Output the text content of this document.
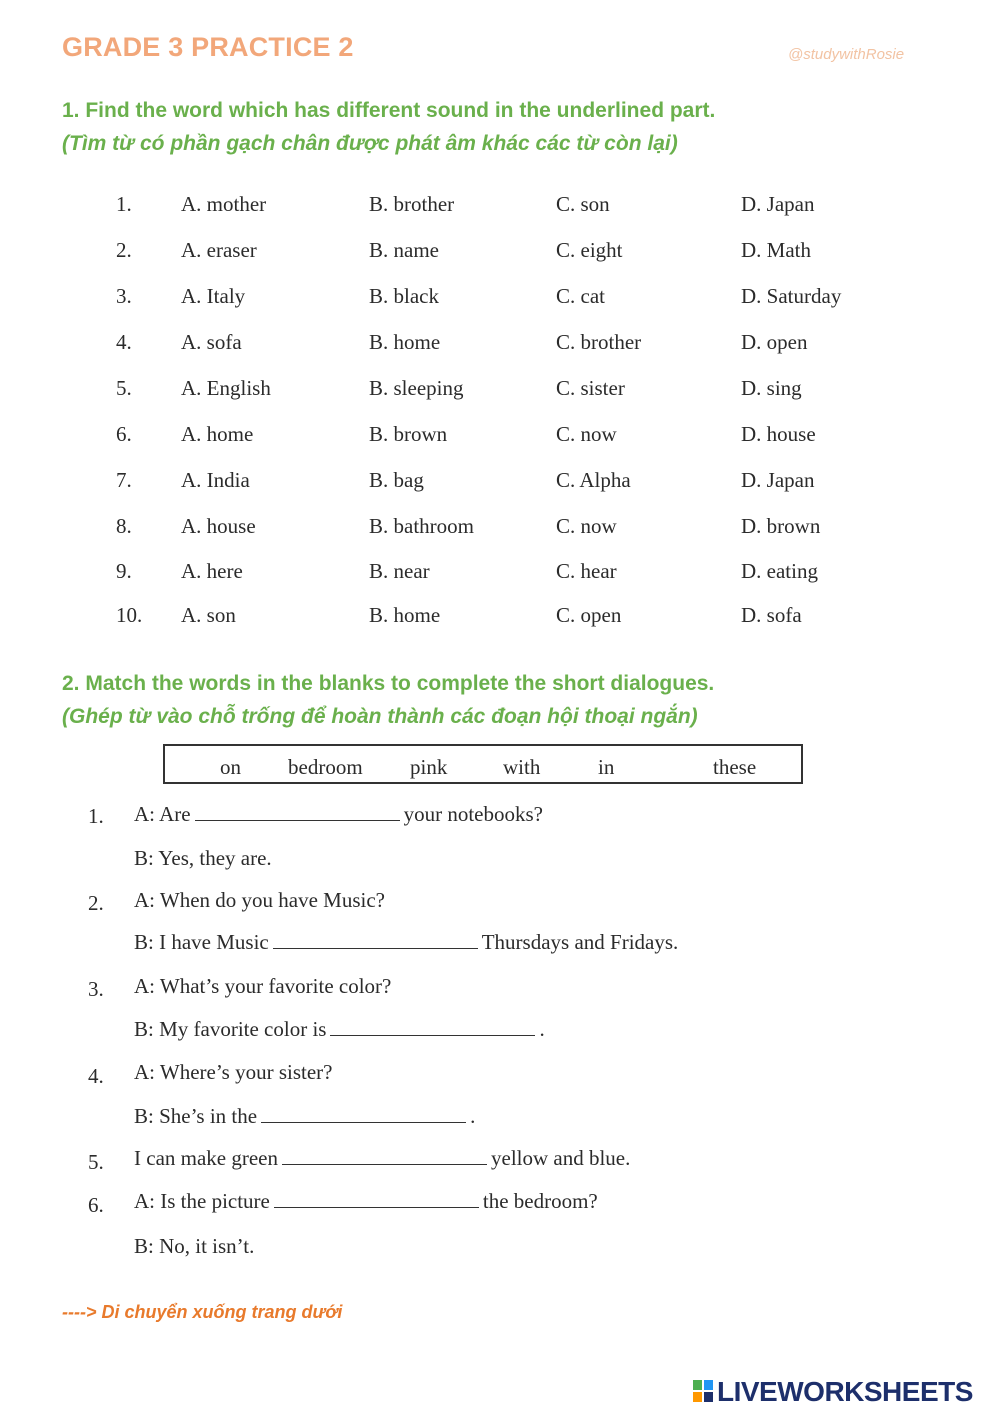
GRADE 3 PRACTICE 2	@studywithRosie
1. Find the word which has different sound in the underlined part.
(Tìm từ có phần gạch chân được phát âm khác các từ còn lại)
1. A. mother	B. brother	C. son	D. Japan
2. A. eraser	B. name	C. eight	D. Math
3. A. Italy	B. black	C. cat	D. Saturday
4. A. sofa	B. home	C. brother	D. open
5. A. English	B. sleeping	C. sister	D. sing
6. A. home	B. brown	C. now	D. house
7. A. India	B. bag	C. Alpha	D. Japan
8. A. house	B. bathroom	C. now	D. brown
9. A. here	B. near	C. hear	D. eating
10. A. son	B. home	C. open	D. sofa
2. Match the words in the blanks to complete the short dialogues.
(Ghép từ vào chỗ trống để hoàn thành các đoạn hội thoại ngắn)
on bedroom pink	with	in	these
1. A: Are	your notebooks?
B: Yes, they are.
2. A: When do you have Music?
B: I have Music	Thursdays and Fridays.
3. A: What’s your favorite color?
B: My favorite color is	.
4. A: Where’s your sister?
B: She’s in the	.
5. I can make green	yellow and blue.
6. A: Is the picture	the bedroom?
B: No, it isn’t.
----> Di chuyển xuống trang dưới
LIVEWORKSHEETS
